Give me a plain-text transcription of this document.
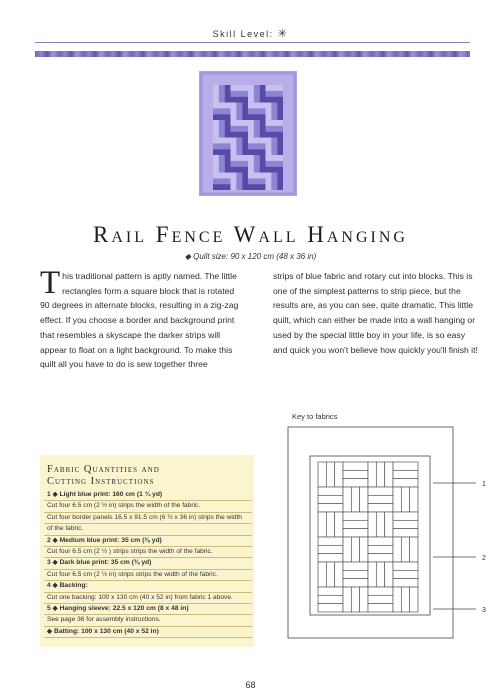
Skill Level: ✳
Rail Fence Wall Hanging
◆ Quilt size: 90 x 120 cm (48 x 36 in)
This traditional pattern is aptly named. The little rectangles form a square block that is rotated 90 degrees in alternate blocks, resulting in a zig-zag effect. If you choose a border and background print that resembles a skyscape the darker strips will appear to float on a light background. To make this quilt all you have to do is sew together three
strips of blue fabric and rotary cut into blocks. This is one of the simplest patterns to strip piece, but the results are, as you can see, quite dramatic. This little quilt, which can either be made into a wall hanging or used by the special little boy in your life, is so easy and quick you won't believe how quickly you'll finish it!
Key to fabrics
1
2
3
Fabric Quantities and
Cutting Instructions
1 ◆ Light blue print: 160 cm (1 ¾ yd)
Cut four 6.5 cm (2 ½ in) strips the width of the fabric.
Cut four border panels 16.5 x 91.5 cm (6 ½ x 36 in) strips the width
of the fabric.
2 ◆ Medium blue print: 35 cm (⅜ yd)
Cut four 6.5 cm (2 ½ ) strips strips the width of the fabric.
3 ◆ Dark blue print: 35 cm (⅜ yd)
Cut four 6.5 cm (2 ½ in) strips strips the width of the fabric.
4 ◆ Backing:
Cut one backing: 100 x 130 cm (40 x 52 in) from fabric 1 above.
5 ◆ Hanging sleeve: 22.5 x 120 cm (8 x 48 in)
See page 36 for assembly instructions.
◆ Batting: 100 x 130 cm (40 x 52 in)
68
